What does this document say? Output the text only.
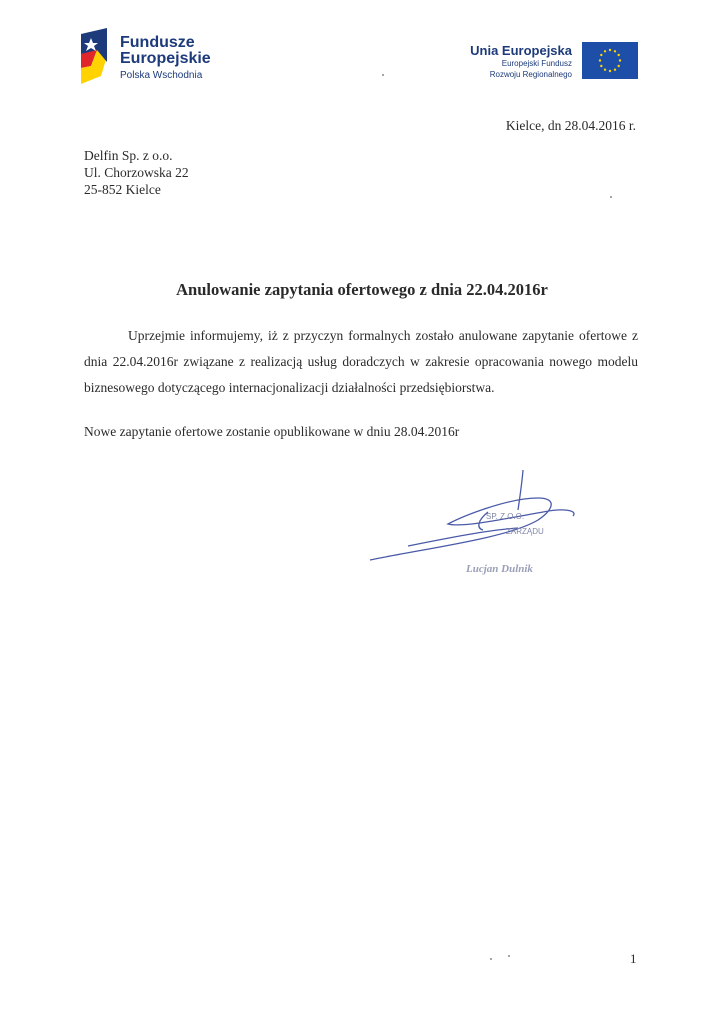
Fundusze
Europejskie
Polska Wschodnia
Unia Europejska
Europejski Fundusz
Rozwoju Regionalnego
Kielce, dn 28.04.2016 r.
Delfin Sp. z o.o.
Ul. Chorzowska 22
25-852 Kielce
Anulowanie zapytania ofertowego z dnia 22.04.2016r
Uprzejmie informujemy, iż z przyczyn formalnych zostało anulowane zapytanie ofertowe z dnia 22.04.2016r związane z realizacją usług doradczych w zakresie opracowania nowego modelu biznesowego dotyczącego internacjonalizacji działalności przedsiębiorstwa.
Nowe zapytanie ofertowe zostanie opublikowane w dniu 28.04.2016r
SP. Z O.O.
ZARZĄDU
Lucjan Dulnik
1
